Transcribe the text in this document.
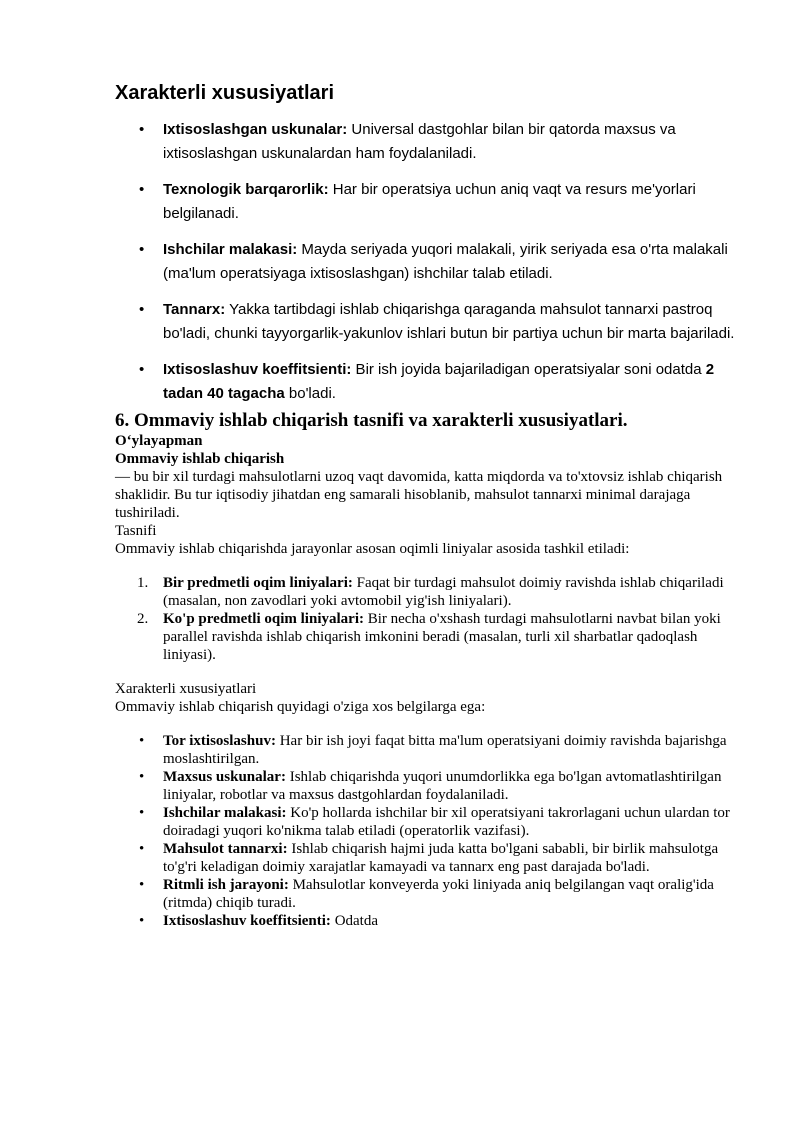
Xarakterli xususiyatlari
• Ixtisoslashgan uskunalar: Universal dastgohlar bilan bir qatorda maxsus va ixtisoslashgan uskunalardan ham foydalaniladi.
• Texnologik barqarorlik: Har bir operatsiya uchun aniq vaqt va resurs me'yorlari belgilanadi.
• Ishchilar malakasi: Mayda seriyada yuqori malakali, yirik seriyada esa o'rta malakali (ma'lum operatsiyaga ixtisoslashgan) ishchilar talab etiladi.
• Tannarx: Yakka tartibdagi ishlab chiqarishga qaraganda mahsulot tannarxi pastroq bo'ladi, chunki tayyorgarlik-yakunlov ishlari butun bir partiya uchun bir marta bajariladi.
• Ixtisoslashuv koeffitsienti: Bir ish joyida bajariladigan operatsiyalar soni odatda 2 tadan 40 tagacha bo'ladi.
6. Ommaviy ishlab chiqarish tasnifi va xarakterli xususiyatlari.

O‘ylayapman

Ommaviy ishlab chiqarish

— bu bir xil turdagi mahsulotlarni uzoq vaqt davomida, katta miqdorda va to'xtovsiz ishlab chiqarish shaklidir. Bu tur iqtisodiy jihatdan eng samarali hisoblanib, mahsulot tannarxi minimal darajaga tushiriladi.

Tasnifi

Ommaviy ishlab chiqarishda jarayonlar asosan oqimli liniyalar asosida tashkil etiladi:

1. Bir predmetli oqim liniyalari: Faqat bir turdagi mahsulot doimiy ravishda ishlab chiqariladi (masalan, non zavodlari yoki avtomobil yig'ish liniyalari).
2. Ko'p predmetli oqim liniyalari: Bir necha o'xshash turdagi mahsulotlarni navbat bilan yoki parallel ravishda ishlab chiqarish imkonini beradi (masalan, turli xil sharbatlar qadoqlash liniyasi).

Xarakterli xususiyatlari

Ommaviy ishlab chiqarish quyidagi o'ziga xos belgilarga ega:

• Tor ixtisoslashuv: Har bir ish joyi faqat bitta ma'lum operatsiyani doimiy ravishda bajarishga moslashtirilgan.
• Maxsus uskunalar: Ishlab chiqarishda yuqori unumdorlikka ega bo'lgan avtomatlashtirilgan liniyalar, robotlar va maxsus dastgohlardan foydalaniladi.
• Ishchilar malakasi: Ko'p hollarda ishchilar bir xil operatsiyani takrorlagani uchun ulardan tor doiradagi yuqori ko'nikma talab etiladi (operatorlik vazifasi).
• Mahsulot tannarxi: Ishlab chiqarish hajmi juda katta bo'lgani sababli, bir birlik mahsulotga to'g'ri keladigan doimiy xarajatlar kamayadi va tannarx eng past darajada bo'ladi.
• Ritmli ish jarayoni: Mahsulotlar konveyerda yoki liniyada aniq belgilangan vaqt oralig'ida (ritmda) chiqib turadi.
• Ixtisoslashuv koeffitsienti: Odatda
